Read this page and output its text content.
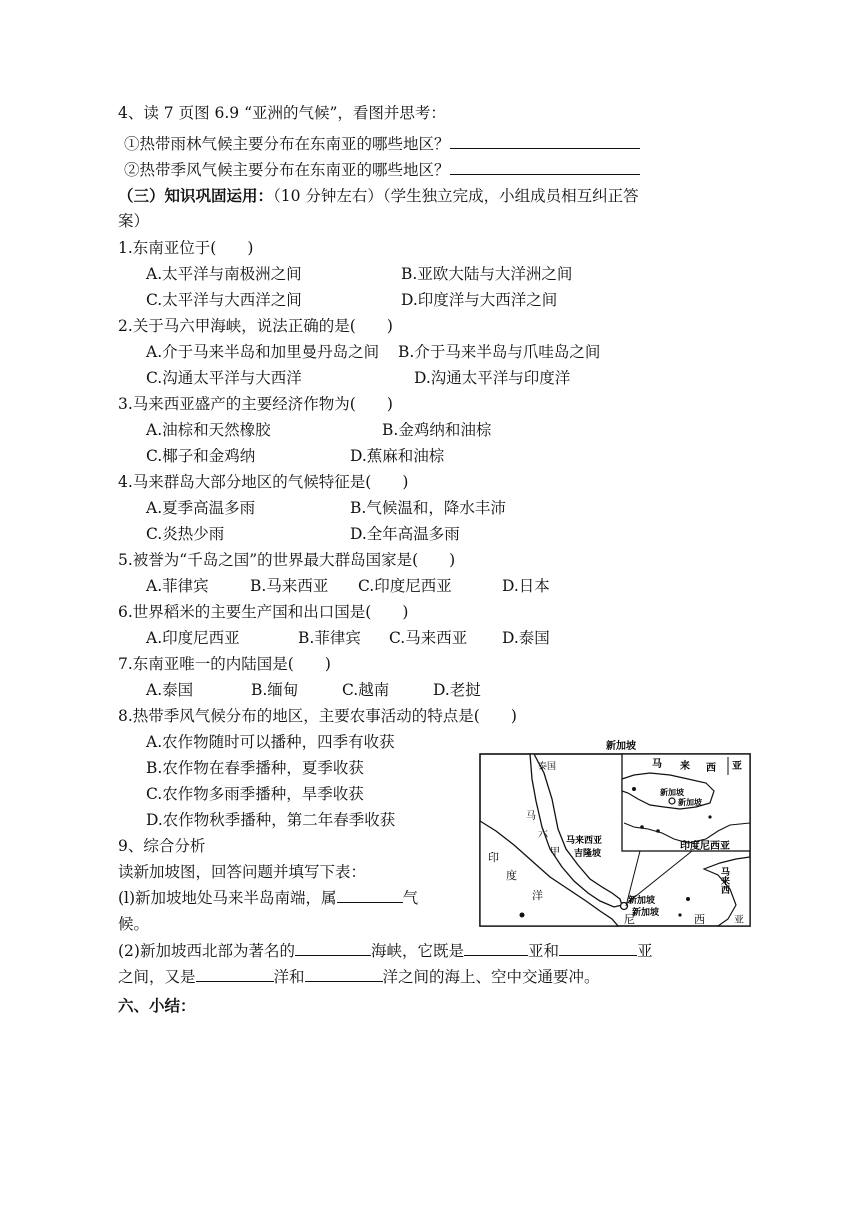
4、读 7 页图 6.9 “亚洲的气候”，看图并思考：
①热带雨林气候主要分布在东南亚的哪些地区？
②热带季风气候主要分布在东南亚的哪些地区？
（三）知识巩固运用：（10 分钟左右）（学生独立完成，小组成员相互纠正答
案）
1.东南亚位于(　　)
A.太平洋与南极洲之间	B.亚欧大陆与大洋洲之间
C.太平洋与大西洋之间	D.印度洋与大西洋之间
2.关于马六甲海峡，说法正确的是(　　)
A.介于马来半岛和加里曼丹岛之间 B.介于马来半岛与爪哇岛之间
C.沟通太平洋与大西洋	D.沟通太平洋与印度洋
3.马来西亚盛产的主要经济作物为(　　)
A.油棕和天然橡胶	B.金鸡纳和油棕
C.椰子和金鸡纳	D.蕉麻和油棕
4.马来群岛大部分地区的气候特征是(　　)
A.夏季高温多雨	B.气候温和，降水丰沛
C.炎热少雨	D.全年高温多雨
5.被誉为“千岛之国”的世界最大群岛国家是(　　)
A.菲律宾	B.马来西亚 C.印度尼西亚	D.日本
6.世界稻米的主要生产国和出口国是(　　)
A.印度尼西亚	B.菲律宾 C.马来西亚 D.泰国
7.东南亚唯一的内陆国是(　　)
A.泰国	B.缅甸	C.越南	D.老挝
8.热带季风气候分布的地区，主要农事活动的特点是(　　)
A.农作物随时可以播种，四季有收获
B.农作物在春季播种，夏季收获
C.农作物多雨季播种，旱季收获
D.农作物秋季播种，第二年春季收获
9、综合分析
读新加坡图，回答问题并填写下表：
(l)新加坡地处马来半岛南端，属	气
候。
(2)新加坡西北部为著名的	海峡，它既是	亚和	亚
之间，又是	洋和	洋之间的海上、空中交通要冲。
六、小结：
新加坡
泰国
马
六
甲
马来西亚
吉隆坡
印
度
洋
尼	西
新加坡
新加坡
马 来 西 亚
新加坡
新加坡
印度尼西亚
马来西
亚
